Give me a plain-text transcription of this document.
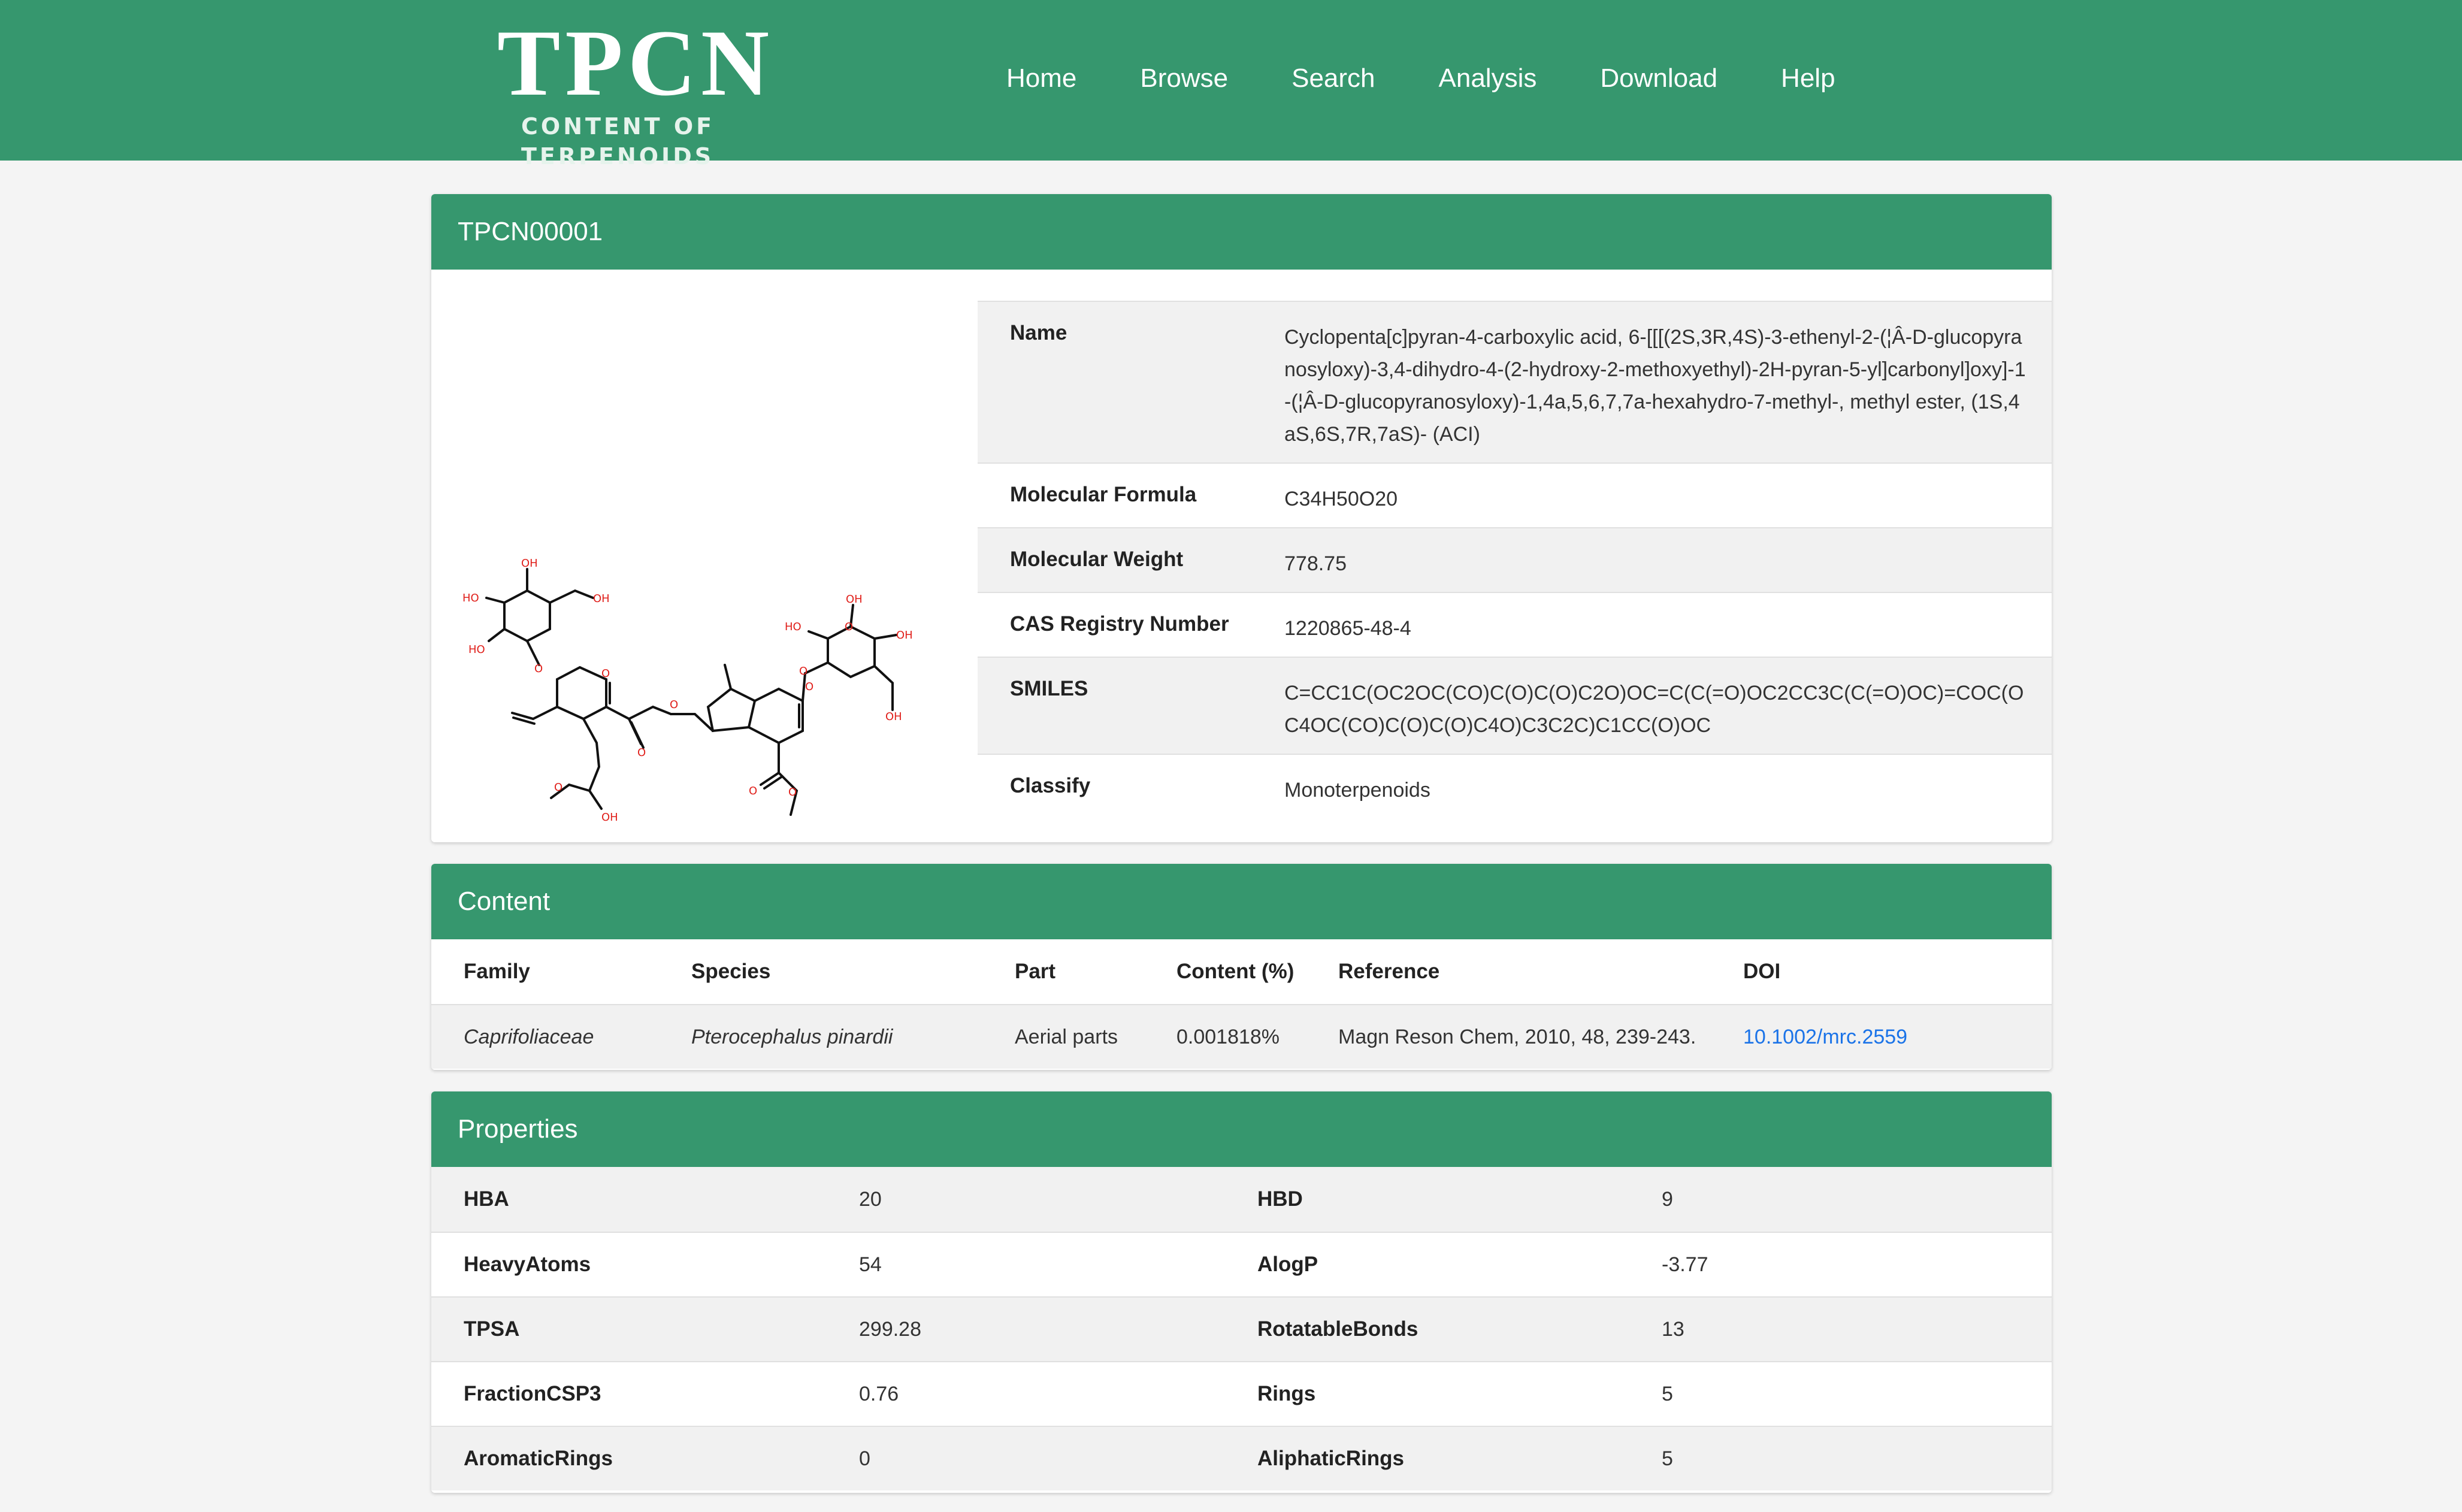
TPCN
CONTENT OF TERPENOIDS
Home Browse Search Analysis Download Help
TPCN00001
OH
OH
HO
HO
O	O
O
O
OH
O
O
O	O
O
O
HO
OH
OH
OH
Name	Cyclopenta[c]pyran-4-carboxylic acid, 6-[[[(2S,3R,4S)-3-ethenyl-2-(¦Â-D-glucopyranosyloxy)-3,4-dihydro-4-(2-hydroxy-2-methoxyethyl)-2H-pyran-5-yl]carbonyl]oxy]-1-(¦Â-D-glucopyranosyloxy)-1,4a,5,6,7,7a-hexahydro-7-methyl-, methyl ester, (1S,4aS,6S,7R,7aS)- (ACI)
Molecular Formula	C34H50O20
Molecular Weight	778.75
CAS Registry Number	1220865-48-4
SMILES	C=CC1C(OC2OC(CO)C(O)C(O)C2O)OC=C(C(=O)OC2CC3C(C(=O)OC)=COC(OC4OC(CO)C(O)C(O)C4O)C3C2C)C1CC(O)OC
Classify	Monoterpenoids
Content
Family	Species	Part	Content (%)	Reference	DOI
Caprifoliaceae	Pterocephalus pinardii	Aerial parts	0.001818%	Magn Reson Chem, 2010, 48, 239-243.	10.1002/mrc.2559
Properties
HBA	20	HBD	9
HeavyAtoms	54	AlogP	-3.77
TPSA	299.28	RotatableBonds	13
FractionCSP3	0.76	Rings	5
AromaticRings	0	AliphaticRings	5
